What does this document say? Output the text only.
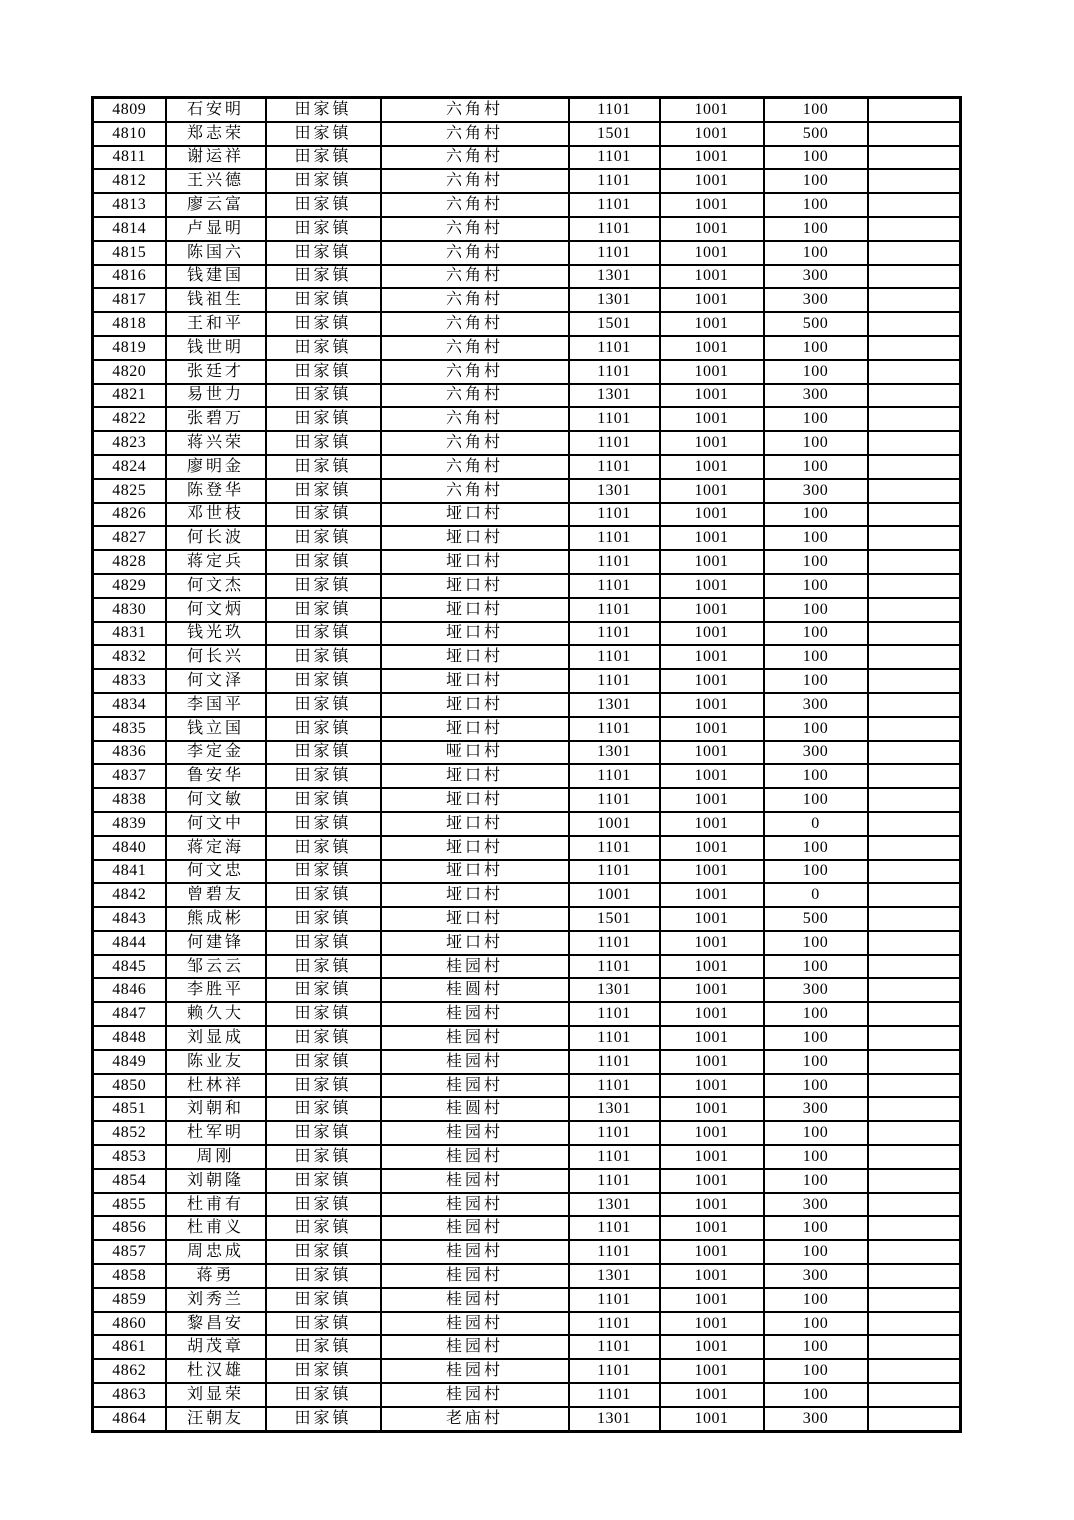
4809	石安明	田家镇	六角村	1101	1001	100	
4810	郑志荣	田家镇	六角村	1501	1001	500	
4811	谢运祥	田家镇	六角村	1101	1001	100	
4812	王兴德	田家镇	六角村	1101	1001	100	
4813	廖云富	田家镇	六角村	1101	1001	100	
4814	卢显明	田家镇	六角村	1101	1001	100	
4815	陈国六	田家镇	六角村	1101	1001	100	
4816	钱建国	田家镇	六角村	1301	1001	300	
4817	钱祖生	田家镇	六角村	1301	1001	300	
4818	王和平	田家镇	六角村	1501	1001	500	
4819	钱世明	田家镇	六角村	1101	1001	100	
4820	张廷才	田家镇	六角村	1101	1001	100	
4821	易世力	田家镇	六角村	1301	1001	300	
4822	张碧万	田家镇	六角村	1101	1001	100	
4823	蒋兴荣	田家镇	六角村	1101	1001	100	
4824	廖明金	田家镇	六角村	1101	1001	100	
4825	陈登华	田家镇	六角村	1301	1001	300	
4826	邓世枝	田家镇	垭口村	1101	1001	100	
4827	何长波	田家镇	垭口村	1101	1001	100	
4828	蒋定兵	田家镇	垭口村	1101	1001	100	
4829	何文杰	田家镇	垭口村	1101	1001	100	
4830	何文炳	田家镇	垭口村	1101	1001	100	
4831	钱光玖	田家镇	垭口村	1101	1001	100	
4832	何长兴	田家镇	垭口村	1101	1001	100	
4833	何文泽	田家镇	垭口村	1101	1001	100	
4834	李国平	田家镇	垭口村	1301	1001	300	
4835	钱立国	田家镇	垭口村	1101	1001	100	
4836	李定金	田家镇	哑口村	1301	1001	300	
4837	鲁安华	田家镇	垭口村	1101	1001	100	
4838	何文敏	田家镇	垭口村	1101	1001	100	
4839	何文中	田家镇	垭口村	1001	1001	0	
4840	蒋定海	田家镇	垭口村	1101	1001	100	
4841	何文忠	田家镇	垭口村	1101	1001	100	
4842	曾碧友	田家镇	垭口村	1001	1001	0	
4843	熊成彬	田家镇	垭口村	1501	1001	500	
4844	何建锋	田家镇	垭口村	1101	1001	100	
4845	邹云云	田家镇	桂园村	1101	1001	100	
4846	李胜平	田家镇	桂圆村	1301	1001	300	
4847	赖久大	田家镇	桂园村	1101	1001	100	
4848	刘显成	田家镇	桂园村	1101	1001	100	
4849	陈业友	田家镇	桂园村	1101	1001	100	
4850	杜林祥	田家镇	桂园村	1101	1001	100	
4851	刘朝和	田家镇	桂圆村	1301	1001	300	
4852	杜军明	田家镇	桂园村	1101	1001	100	
4853	周刚	田家镇	桂园村	1101	1001	100	
4854	刘朝隆	田家镇	桂园村	1101	1001	100	
4855	杜甫有	田家镇	桂园村	1301	1001	300	
4856	杜甫义	田家镇	桂园村	1101	1001	100	
4857	周忠成	田家镇	桂园村	1101	1001	100	
4858	蒋勇	田家镇	桂园村	1301	1001	300	
4859	刘秀兰	田家镇	桂园村	1101	1001	100	
4860	黎昌安	田家镇	桂园村	1101	1001	100	
4861	胡茂章	田家镇	桂园村	1101	1001	100	
4862	杜汉雄	田家镇	桂园村	1101	1001	100	
4863	刘显荣	田家镇	桂园村	1101	1001	100	
4864	汪朝友	田家镇	老庙村	1301	1001	300	
